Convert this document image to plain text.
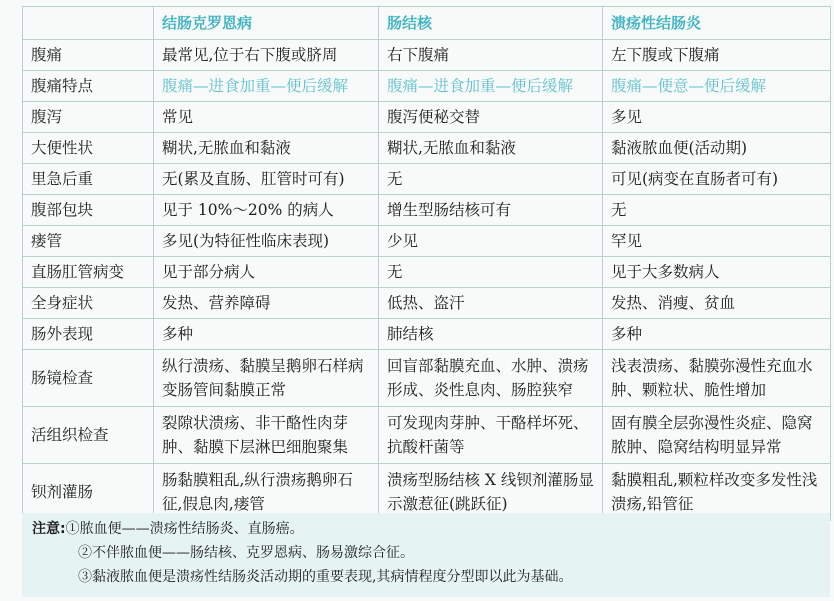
	结肠克罗恩病	肠结核	溃疡性结肠炎
腹痛	最常见,位于右下腹或脐周	右下腹痛	左下腹或下腹痛
腹痛特点	腹痛—进食加重—便后缓解	腹痛—进食加重—便后缓解	腹痛—便意—便后缓解
腹泻	常见	腹泻便秘交替	多见
大便性状	糊状,无脓血和黏液	糊状,无脓血和黏液	黏液脓血便(活动期)
里急后重	无(累及直肠、肛管时可有)	无	可见(病变在直肠者可有)
腹部包块	见于 10%～20% 的病人	增生型肠结核可有	无
瘘管	多见(为特征性临床表现)	少见	罕见
直肠肛管病变	见于部分病人	无	见于大多数病人
全身症状	发热、营养障碍	低热、盗汗	发热、消瘦、贫血
肠外表现	多种	肺结核	多种
肠镜检查	纵行溃疡、黏膜呈鹅卵石样病变肠管间黏膜正常	回盲部黏膜充血、水肿、溃疡形成、炎性息肉、肠腔狭窄	浅表溃疡、黏膜弥漫性充血水肿、颗粒状、脆性增加
活组织检查	裂隙状溃疡、非干酪性肉芽肿、黏膜下层淋巴细胞聚集	可发现肉芽肿、干酪样坏死、抗酸杆菌等	固有膜全层弥漫性炎症、隐窝脓肿、隐窝结构明显异常
钡剂灌肠	肠黏膜粗乱,纵行溃疡鹅卵石征,假息肉,瘘管	溃疡型肠结核 X 线钡剂灌肠显示激惹征(跳跃征)	黏膜粗乱,颗粒样改变多发性浅溃疡,铅管征
注意:①脓血便——溃疡性结肠炎、直肠癌。
②不伴脓血便——肠结核、克罗恩病、肠易激综合征。
③黏液脓血便是溃疡性结肠炎活动期的重要表现,其病情程度分型即以此为基础。
